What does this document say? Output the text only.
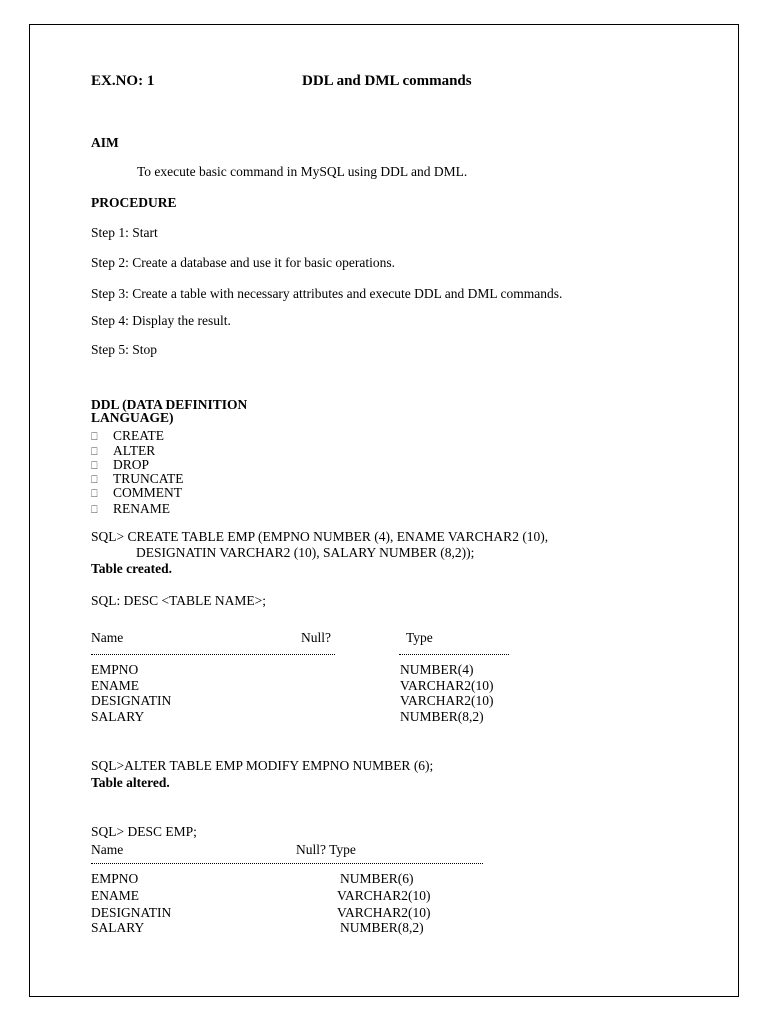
EX.NO: 1	DDL and DML commands
AIM
To execute basic command in MySQL using DDL and DML.
PROCEDURE
Step 1: Start
Step 2: Create a database and use it for basic operations.
Step 3: Create a table with necessary attributes and execute DDL and DML commands.
Step 4: Display the result.
Step 5: Stop
DDL (DATA DEFINITION
LANGUAGE)
⎕ CREATE
⎕ ALTER
⎕ DROP
⎕ TRUNCATE
⎕ COMMENT
⎕ RENAME
SQL> CREATE TABLE EMP (EMPNO NUMBER (4), ENAME VARCHAR2 (10),
DESIGNATIN VARCHAR2 (10), SALARY NUMBER (8,2));
Table created.
SQL: DESC <TABLE NAME>;
Name	Null?	Type
EMPNO	NUMBER(4)
ENAME	VARCHAR2(10)
DESIGNATIN	VARCHAR2(10)
SALARY	NUMBER(8,2)
SQL>ALTER TABLE EMP MODIFY EMPNO NUMBER (6);
Table altered.
SQL> DESC EMP;
Name	Null? Type
EMPNO	NUMBER(6)
ENAME	VARCHAR2(10)
DESIGNATIN	VARCHAR2(10)
SALARY	NUMBER(8,2)
